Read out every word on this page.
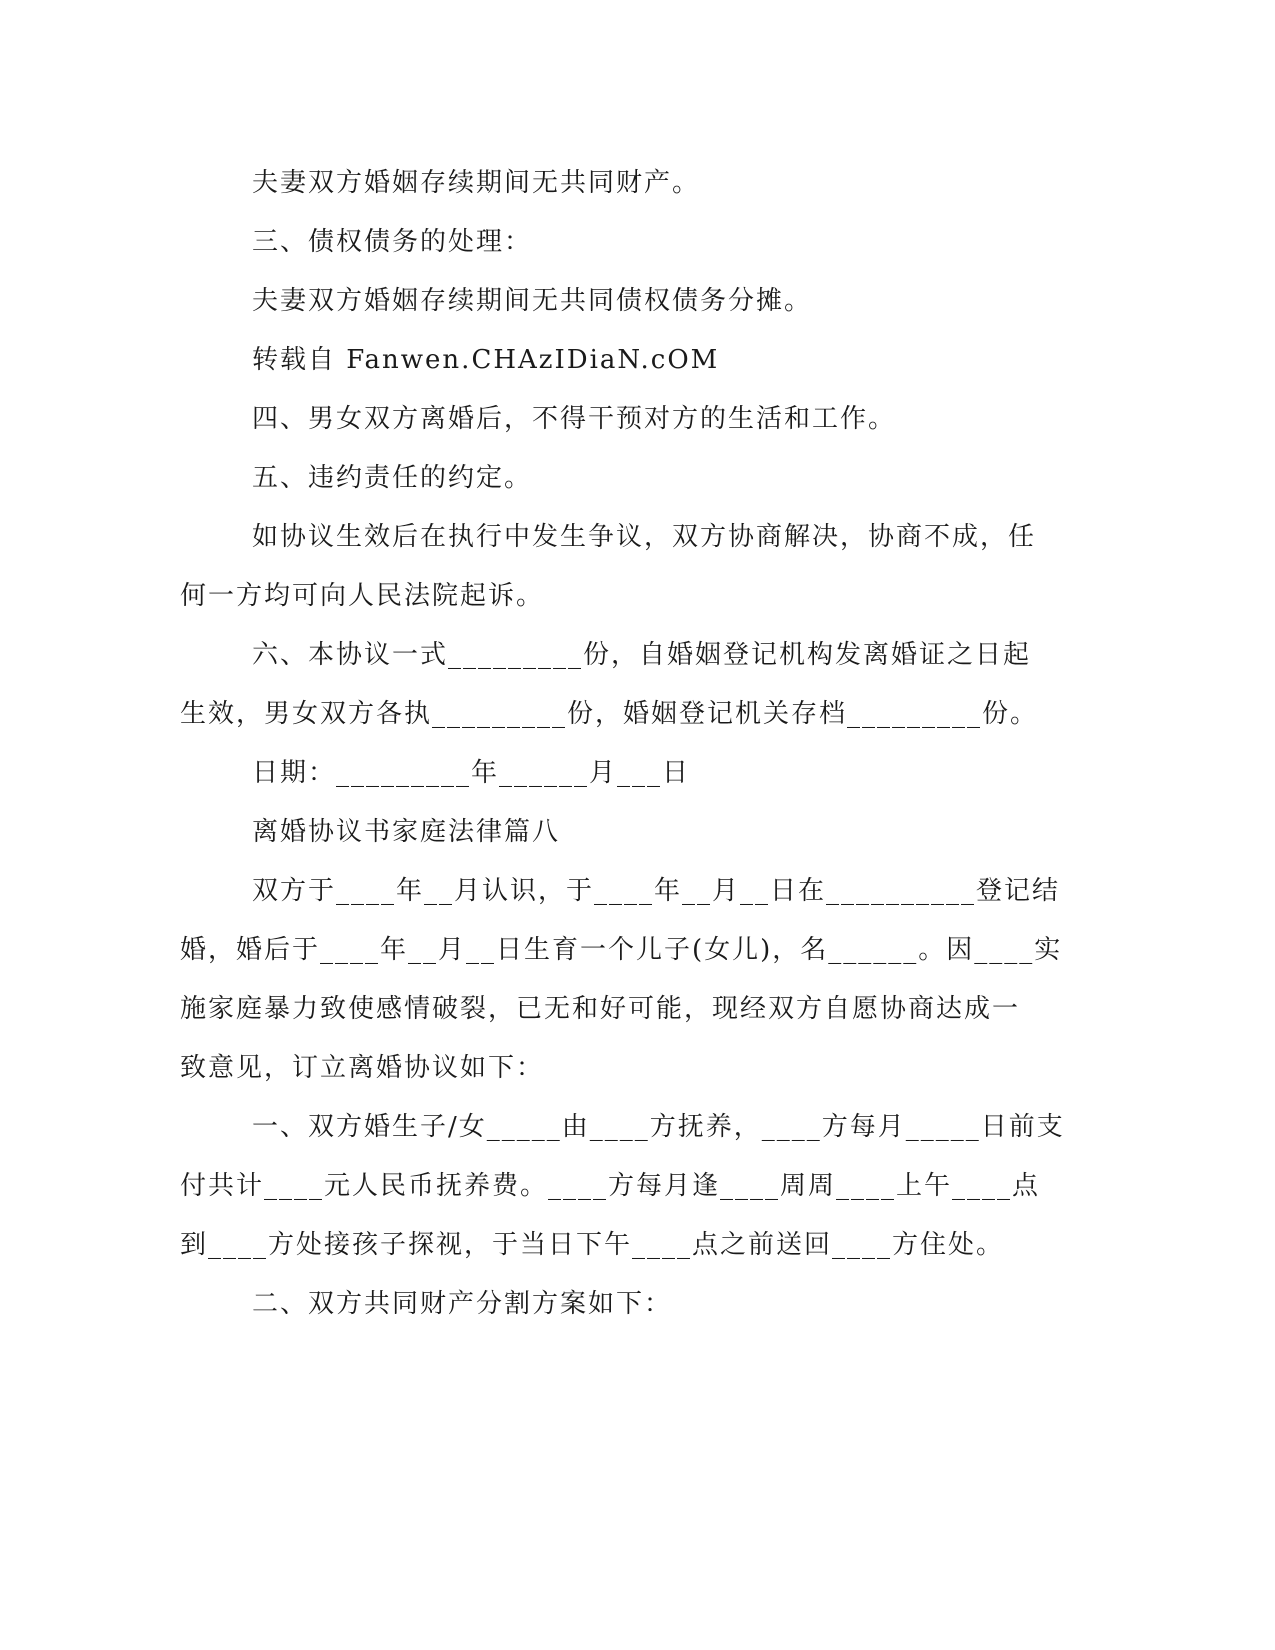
夫妻双方婚姻存续期间无共同财产。
三、债权债务的处理：
夫妻双方婚姻存续期间无共同债权债务分摊。
转载自 Fanwen.CHAzIDiaN.cOM
四、男女双方离婚后，不得干预对方的生活和工作。
五、违约责任的约定。
如协议生效后在执行中发生争议，双方协商解决，协商不成，任
何一方均可向人民法院起诉。
六、本协议一式_________份，自婚姻登记机构发离婚证之日起
生效，男女双方各执_________份，婚姻登记机关存档_________份。
日期：_________年______月___日
离婚协议书家庭法律篇八
双方于____年__月认识，于____年__月__日在__________登记结
婚，婚后于____年__月__日生育一个儿子(女儿)，名______。因____实
施家庭暴力致使感情破裂，已无和好可能，现经双方自愿协商达成一
致意见，订立离婚协议如下：
一、双方婚生子/女_____由____方抚养，____方每月_____日前支
付共计____元人民币抚养费。____方每月逢____周周____上午____点
到____方处接孩子探视，于当日下午____点之前送回____方住处。
二、双方共同财产分割方案如下：
